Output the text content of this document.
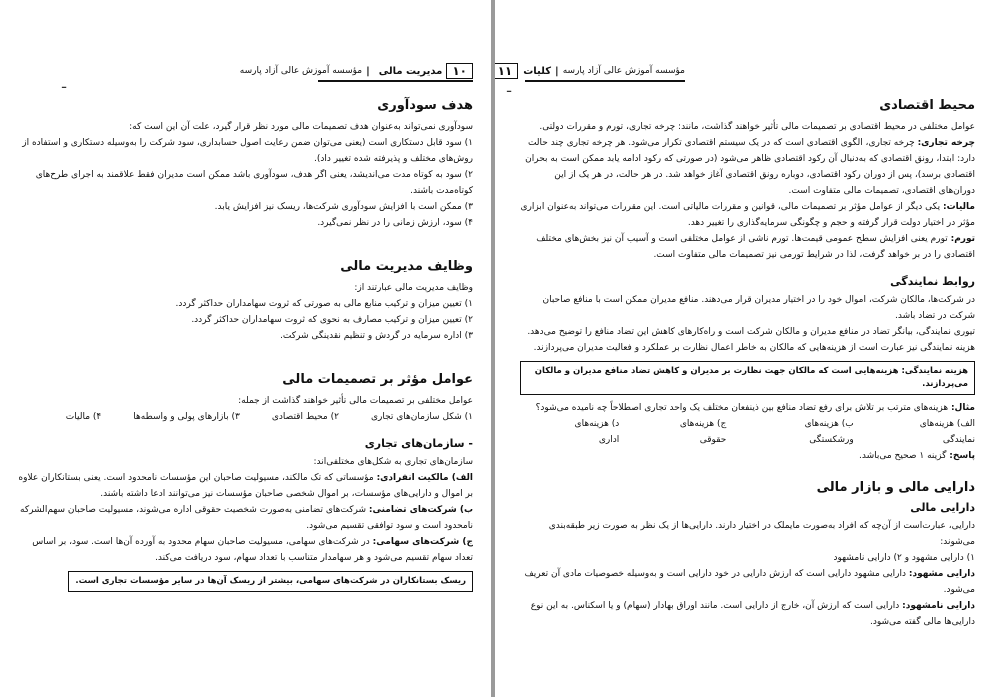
۱۰
مدیریت مالی
|
مؤسسه آموزش عالی آزاد پارسه
ـ
هدف سودآوری

سودآوری نمی‌تواند به‌عنوان هدف تصمیمات مالی مورد نظر قرار گیرد، علت آن این است که:

۱) سود قابل دستکاری است (یعنی می‌توان ضمن رعایت اصول حسابداری، سود شرکت را به‌وسیله دستکاری و استفاده از روش‌های مختلف و پذیرفته شده تغییر داد).

۲) سود به کوتاه مدت می‌اندیشد، یعنی اگر هدف، سودآوری باشد ممکن است مدیران فقط علاقمند به اجرای طرح‌های کوتاه‌مدت باشند.

۳) ممکن است با افزایش سودآوری شرکت‌ها، ریسک نیز افزایش یابد.

۴) سود، ارزش زمانی را در نظر نمی‌گیرد.

وظایف مدیریت مالی

وظایف مدیریت مالی عبارتند از:

۱) تعیین میزان و ترکیب منابع مالی به صورتی که ثروت سهامداران حداکثر گردد.

۲) تعیین میزان و ترکیب مصارف به نحوی که ثروت سهامداران حداکثر گردد.

۳) اداره سرمایه در گردش و تنظیم نقدینگی شرکت.

عوامل مؤثر بر تصمیمات مالی

عوامل مختلفی بر تصمیمات مالی تأثیر خواهند گذاشت از جمله:

۱) شکل سازمان‌های تجاری
۲) محیط اقتصادی
۳) بازارهای پولی و واسطه‌ها
۴) مالیات
- سازمان‌های تجاری

سازمان‌های تجاری به شکل‌های مختلفی‌اند:

الف) مالکیت انفرادی: مؤسساتی که تک مالکند، مسیولیت صاحبان این مؤسسات نامحدود است. یعنی بستانکاران علاوه بر اموال و دارایی‌های مؤسسات، بر اموال شخصی صاحبان مؤسسات نیز می‌توانند ادعا داشته باشند.

ب) شرکت‌های تضامنی: شرکت‌های تضامنی به‌صورت شخصیت حقوقی اداره می‌شوند، مسیولیت صاحبان سهم‌الشرکه نامحدود است و سود توافقی تقسیم می‌شود.

ج) شرکت‌های سهامی: در شرکت‌های سهامی، مسیولیت صاحبان سهام محدود به آورده آن‌ها است. سود، بر اساس تعداد سهام تقسیم می‌شود و هر سهامدار متناسب با تعداد سهام، سود دریافت می‌کند.

ریسک بستانکاران در شرکت‌های سهامی، بیشتر از ریسک آن‌ها در سایر مؤسسات تجاری است.
مؤسسه آموزش عالی آزاد پارسه
|
کلیات
۱۱
ـ
محیط اقتصادی

عوامل مختلفی در محیط اقتصادی بر تصمیمات مالی تأثیر خواهند گذاشت، مانند: چرخه تجاری، تورم و مقررات دولتی.

چرخه تجاری: چرخه تجاری، الگوی اقتصادی است که در یک سیستم اقتصادی تکرار می‌شود. هر چرخه تجاری چند حالت دارد: ابتدا، رونق اقتصادی که به‌دنبال آن رکود اقتصادی ظاهر می‌شود (در صورتی که رکود ادامه یابد ممکن است به بحران اقتصادی برسد)، پس از دوران رکود اقتصادی، دوباره رونق اقتصادی آغاز خواهد شد. در هر حالت، در هر یک از این دوران‌های اقتصادی، تصمیمات مالی متفاوت است.

مالیات: یکی دیگر از عوامل مؤثر بر تصمیمات مالی، قوانین و مقررات مالیاتی است. این مقررات می‌تواند به‌عنوان ابزاری مؤثر در اختیار دولت قرار گرفته و حجم و چگونگی سرمایه‌گذاری را تغییر دهد.

تورم: تورم یعنی افزایش سطح عمومی قیمت‌ها. تورم ناشی از عوامل مختلفی است و آسیب آن نیز بخش‌های مختلف اقتصادی را در بر خواهد گرفت، لذا در شرایط تورمی نیز تصمیمات مالی متفاوت است.

روابط نمایندگی

در شرکت‌ها، مالکان شرکت، اموال خود را در اختیار مدیران قرار می‌دهند. منافع مدیران ممکن است با منافع صاحبان شرکت در تضاد باشد.

تیوری نمایندگی، بیانگر تضاد در منافع مدیران و مالکان شرکت است و راه‌کارهای کاهش این تضاد منافع را توضیح می‌دهد. هزینه نمایندگی نیز عبارت است از هزینه‌هایی که مالکان به خاطر اعمال نظارت بر عملکرد و فعالیت مدیران می‌پردازند.

هزینه نمایندگی: هزینه‌هایی است که مالکان جهت نظارت بر مدیران و کاهش تضاد منافع مدیران و مالکان می‌پردازند.

مثال: هزینه‌های مترتب بر تلاش برای رفع تضاد منافع بین ذینفعان مختلف یک واحد تجاری اصطلاحاً چه نامیده می‌شود؟

الف) هزینه‌های نمایندگی
ب) هزینه‌های ورشکستگی
ج) هزینه‌های حقوقی
د) هزینه‌های اداری

پاسخ: گزینه ۱ صحیح می‌باشد.

دارایی مالی و بازار مالی
دارایی مالی

دارایی، عبارت‌است از آن‌چه که افراد به‌صورت مایملک در اختیار دارند. دارایی‌ها از یک نظر به صورت زیر طبقه‌بندی می‌شوند:

۱) دارایی مشهود و ۲) دارایی نامشهود

دارایی مشهود: دارایی مشهود دارایی است که ارزش دارایی در خود دارایی است و به‌وسیله خصوصیات مادی آن تعریف می‌شود.

دارایی نامشهود: دارایی است که ارزش آن، خارج از دارایی است. مانند اوراق بهادار (سهام) و یا اسکناس. به این نوع دارایی‌ها مالی گفته می‌شود.
